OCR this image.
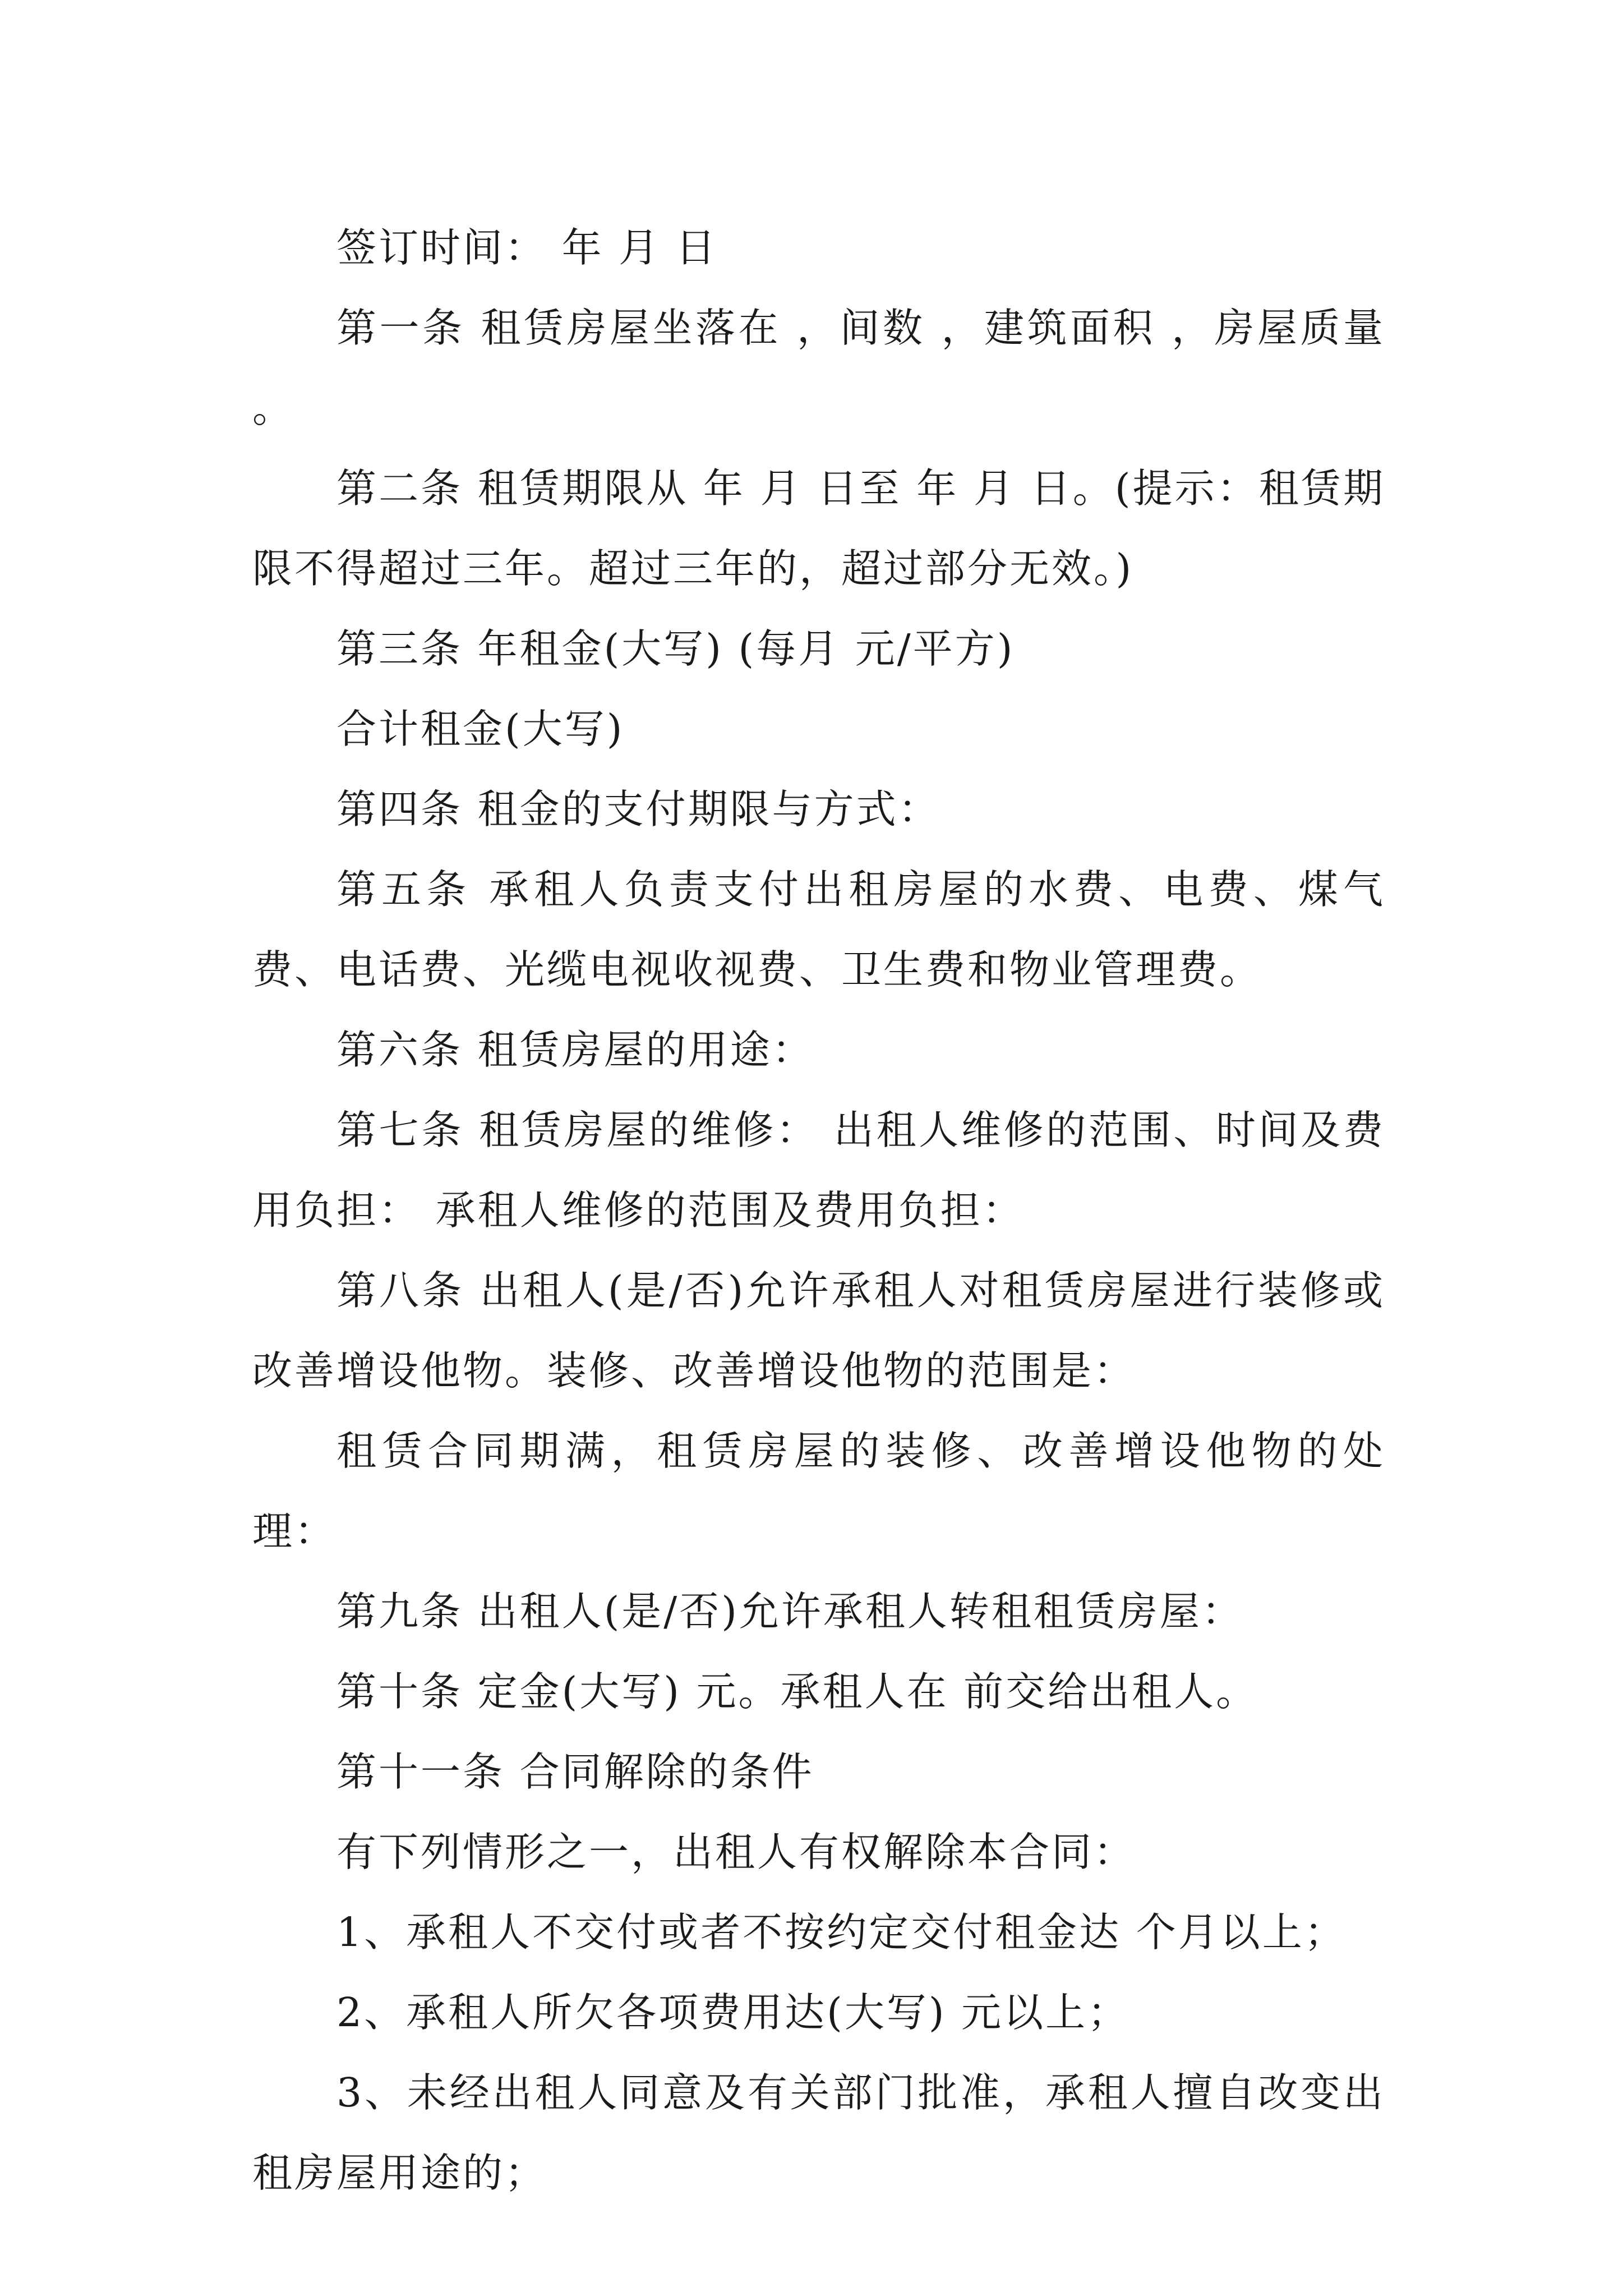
签订时间： 年 月 日

第一条 租赁房屋坐落在 ，间数 ，建筑面积 ，房屋质量 。

第二条 租赁期限从 年 月 日至 年 月 日。(提示：租赁期限不得超过三年。超过三年的，超过部分无效。)

第三条 年租金(大写) (每月 元/平方)

合计租金(大写)

第四条 租金的支付期限与方式：

第五条 承租人负责支付出租房屋的水费、电费、煤气费、电话费、光缆电视收视费、卫生费和物业管理费。

第六条 租赁房屋的用途：

第七条 租赁房屋的维修： 出租人维修的范围、时间及费用负担： 承租人维修的范围及费用负担：

第八条 出租人(是/否)允许承租人对租赁房屋进行装修或改善增设他物。装修、改善增设他物的范围是：

租赁合同期满，租赁房屋的装修、改善增设他物的处理：

第九条 出租人(是/否)允许承租人转租租赁房屋：

第十条 定金(大写) 元。承租人在 前交给出租人。

第十一条 合同解除的条件

有下列情形之一，出租人有权解除本合同：

1、承租人不交付或者不按约定交付租金达 个月以上；

2、承租人所欠各项费用达(大写) 元以上；

3、未经出租人同意及有关部门批准，承租人擅自改变出租房屋用途的；
